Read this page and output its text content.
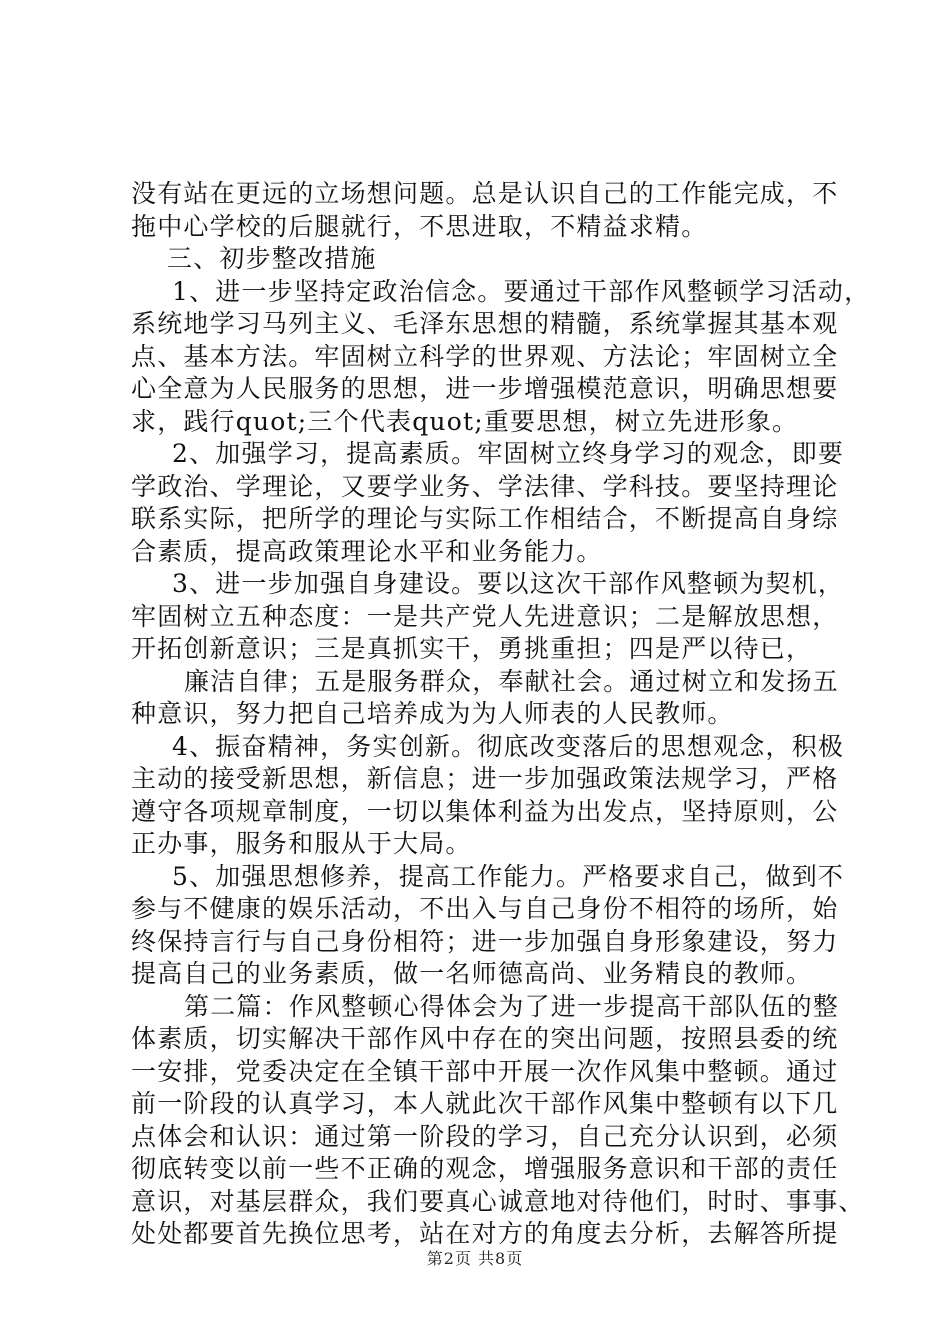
没有站在更远的立场想问题。总是认识自己的工作能完成，不
拖中心学校的后腿就行，不思进取，不精益求精。
三、初步整改措施
1、进一步坚持定政治信念。要通过干部作风整顿学习活动，
系统地学习马列主义、毛泽东思想的精髓，系统掌握其基本观
点、基本方法。牢固树立科学的世界观、方法论；牢固树立全
心全意为人民服务的思想，进一步增强模范意识，明确思想要
求，践行quot;三个代表quot;重要思想，树立先进形象。
2、加强学习，提高素质。牢固树立终身学习的观念，即要
学政治、学理论，又要学业务、学法律、学科技。要坚持理论
联系实际，把所学的理论与实际工作相结合，不断提高自身综
合素质，提高政策理论水平和业务能力。
3、进一步加强自身建设。要以这次干部作风整顿为契机，
牢固树立五种态度：一是共产党人先进意识；二是解放思想，
开拓创新意识；三是真抓实干，勇挑重担；四是严以待已，
廉洁自律；五是服务群众，奉献社会。通过树立和发扬五
种意识，努力把自己培养成为为人师表的人民教师。
4、振奋精神，务实创新。彻底改变落后的思想观念，积极
主动的接受新思想，新信息；进一步加强政策法规学习，严格
遵守各项规章制度，一切以集体利益为出发点，坚持原则，公
正办事，服务和服从于大局。
5、加强思想修养，提高工作能力。严格要求自己，做到不
参与不健康的娱乐活动，不出入与自己身份不相符的场所，始
终保持言行与自己身份相符；进一步加强自身形象建设，努力
提高自己的业务素质，做一名师德高尚、业务精良的教师。
第二篇：作风整顿心得体会为了进一步提高干部队伍的整
体素质，切实解决干部作风中存在的突出问题，按照县委的统
一安排，党委决定在全镇干部中开展一次作风集中整顿。通过
前一阶段的认真学习，本人就此次干部作风集中整顿有以下几
点体会和认识：通过第一阶段的学习，自己充分认识到，必须
彻底转变以前一些不正确的观念，增强服务意识和干部的责任
意识，对基层群众，我们要真心诚意地对待他们，时时、事事、
处处都要首先换位思考，站在对方的角度去分析，去解答所提
第2页 共8页
